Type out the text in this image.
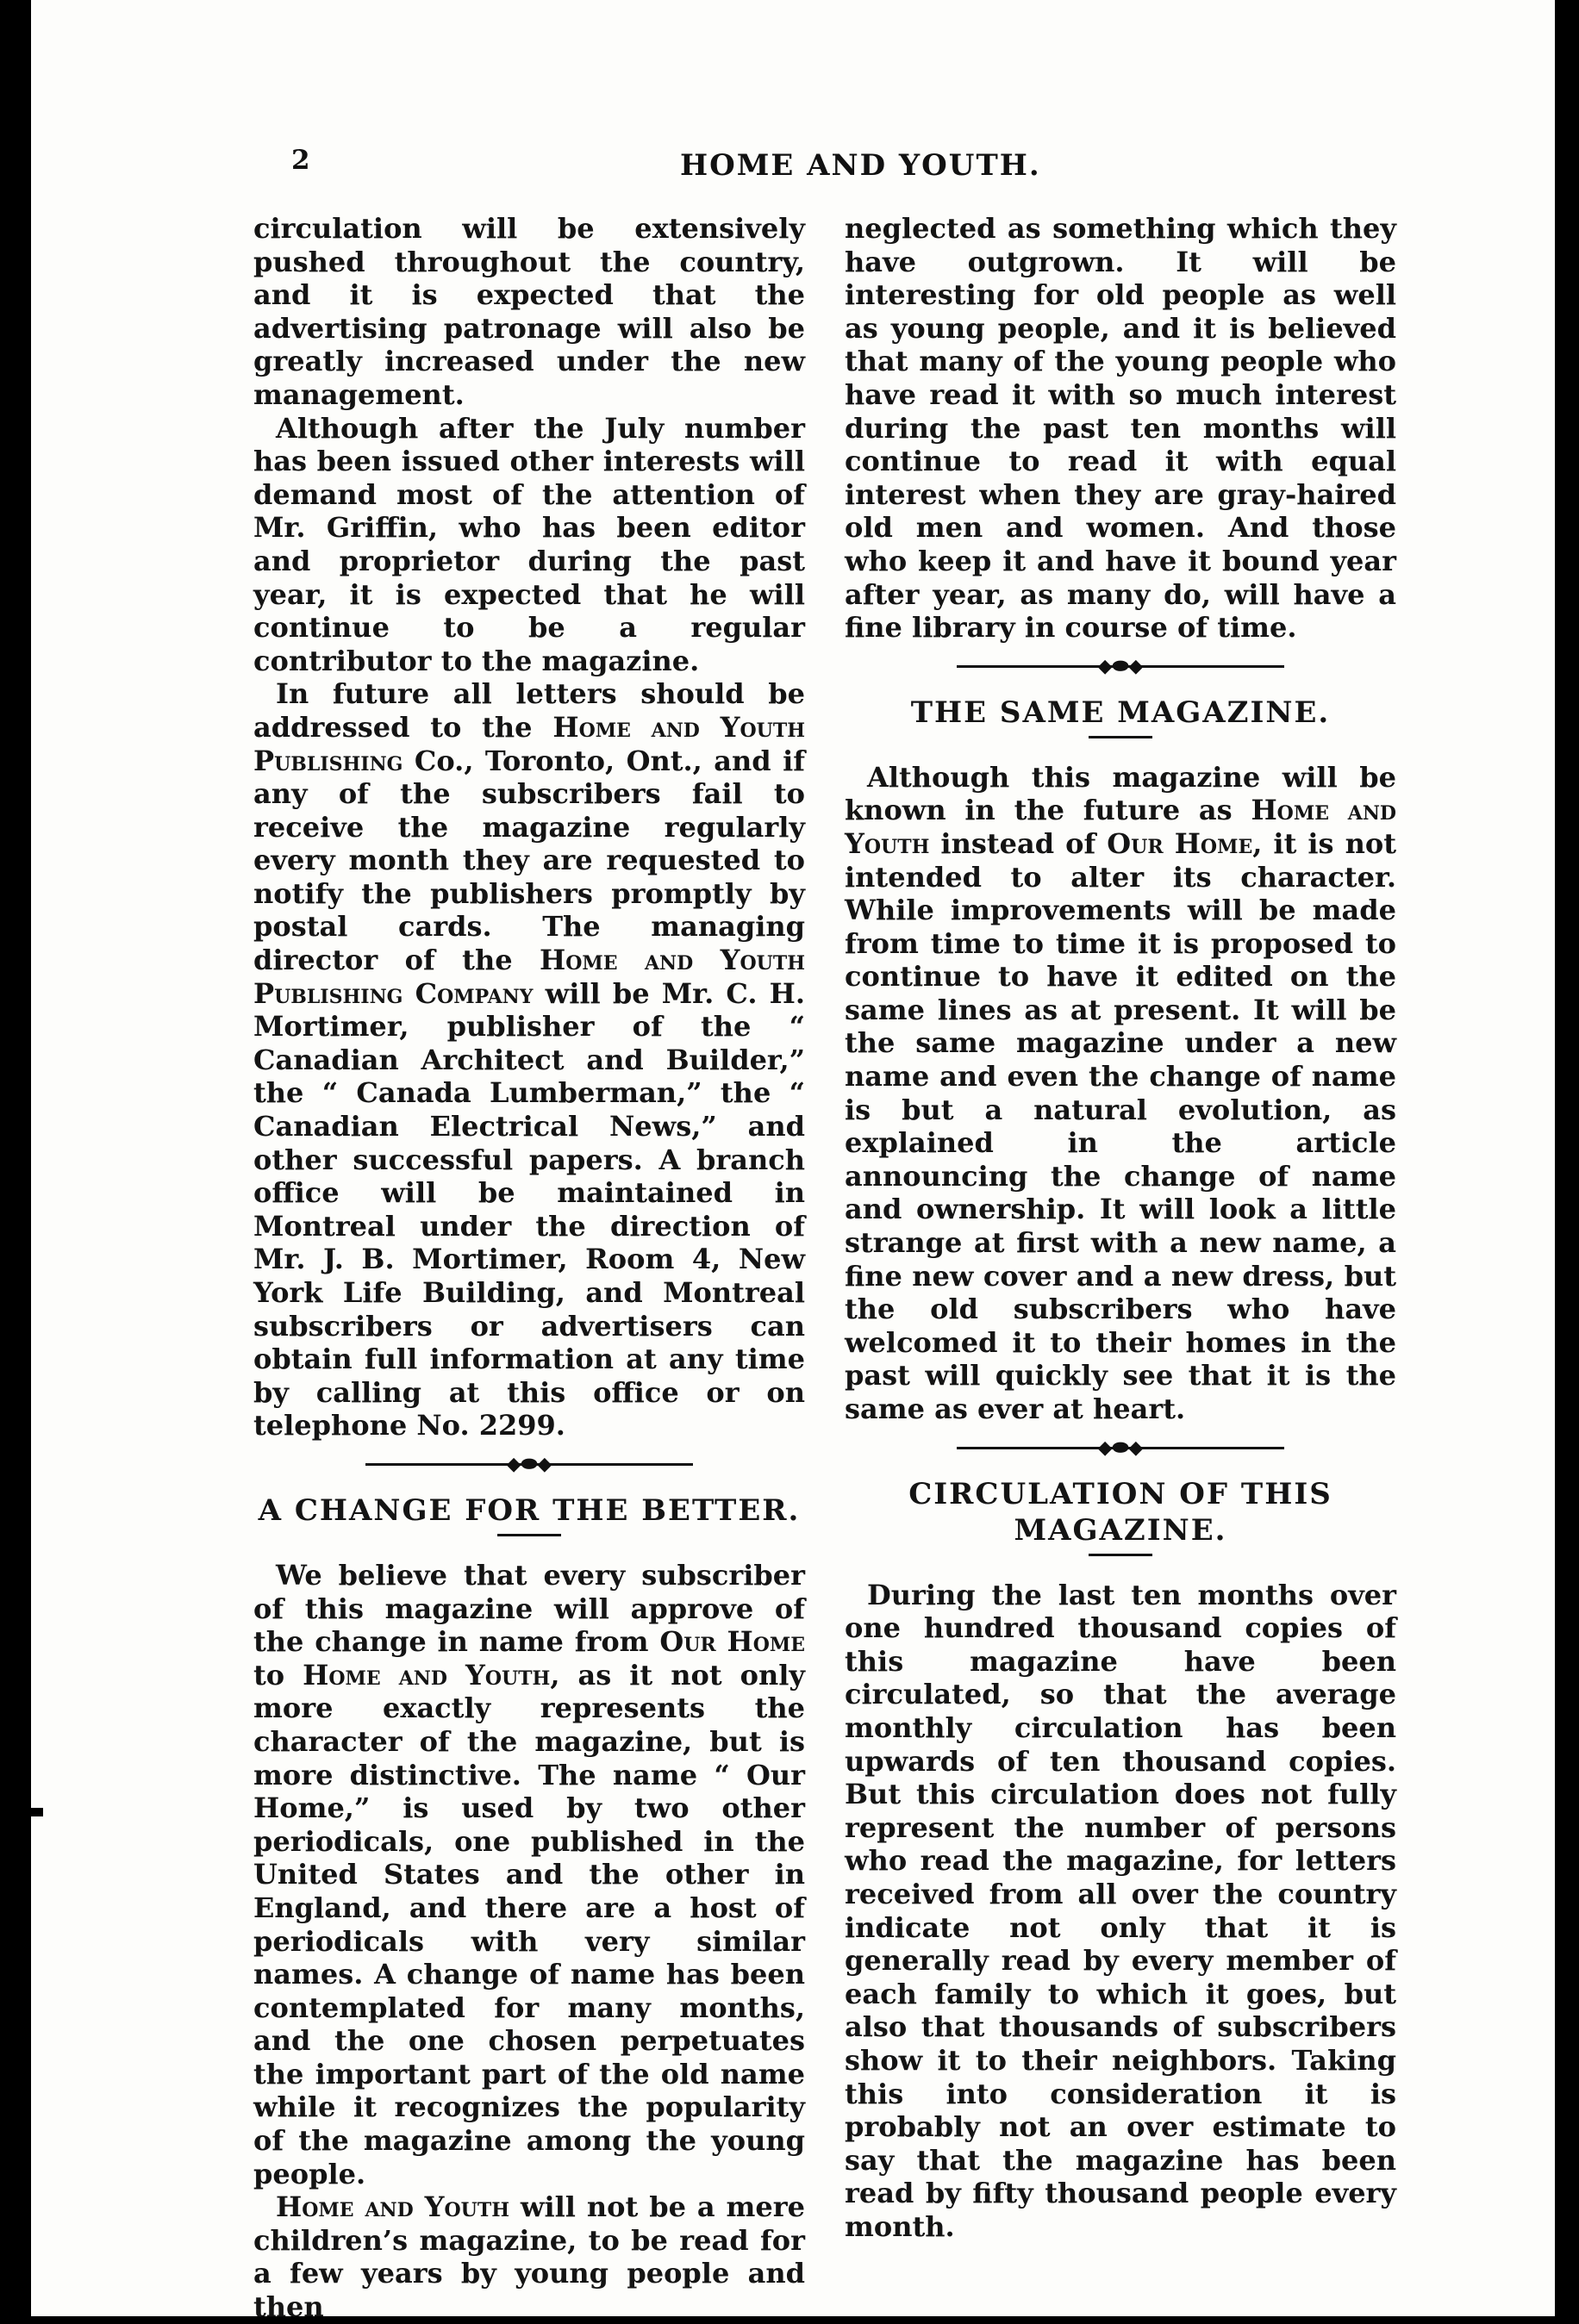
2	HOME AND YOUTH.

circulation will be extensively pushed throughout the country, and it is expected that the advertising patronage will also be greatly increased under the new management.

Although after the July number has been issued other interests will demand most of the attention of Mr. Griffin, who has been editor and proprietor during the past year, it is expected that he will continue to be a regular contributor to the magazine.

In future all letters should be addressed to the Home and Youth Publishing Co., Toronto, Ont., and if any of the subscribers fail to receive the magazine regularly every month they are requested to notify the publishers promptly by postal cards. The managing director of the Home and Youth Publishing Company will be Mr. C. H. Mortimer, publisher of the “ Canadian Architect and Builder,” the “ Canada Lumberman,” the “ Canadian Electrical News,” and other successful papers. A branch office will be maintained in Montreal under the direction of Mr. J. B. Mortimer, Room 4, New York Life Building, and Montreal subscribers or advertisers can obtain full information at any time by calling at this office or on telephone No. 2299.

◆⬬◆
A CHANGE FOR THE BETTER.

We believe that every subscriber of this magazine will approve of the change in name from Our Home to Home and Youth, as it not only more exactly represents the character of the magazine, but is more distinctive. The name “ Our Home,” is used by two other periodicals, one published in the United States and the other in England, and there are a host of periodicals with very similar names. A change of name has been contemplated for many months, and the one chosen perpetuates the important part of the old name while it recognizes the popularity of the magazine among the young people.

Home and Youth will not be a mere children’s magazine, to be read for a few years by young people and then

neglected as something which they have outgrown. It will be interesting for old people as well as young people, and it is believed that many of the young people who have read it with so much interest during the past ten months will continue to read it with equal interest when they are gray-haired old men and women. And those who keep it and have it bound year after year, as many do, will have a fine library in course of time.

◆⬬◆
THE SAME MAGAZINE.

Although this magazine will be known in the future as Home and Youth instead of Our Home, it is not intended to alter its character. While improvements will be made from time to time it is proposed to continue to have it edited on the same lines as at present. It will be the same magazine under a new name and even the change of name is but a natural evolution, as explained in the article announcing the change of name and ownership. It will look a little strange at first with a new name, a fine new cover and a new dress, but the old subscribers who have welcomed it to their homes in the past will quickly see that it is the same as ever at heart.

◆⬬◆
CIRCULATION OF THIS MAGAZINE.

During the last ten months over one hundred thousand copies of this magazine have been circulated, so that the average monthly circulation has been upwards of ten thousand copies. But this circulation does not fully represent the number of persons who read the magazine, for letters received from all over the country indicate not only that it is generally read by every member of each family to which it goes, but also that thousands of subscribers show it to their neighbors. Taking this into consideration it is probably not an over estimate to say that the magazine has been read by fifty thousand people every month.
